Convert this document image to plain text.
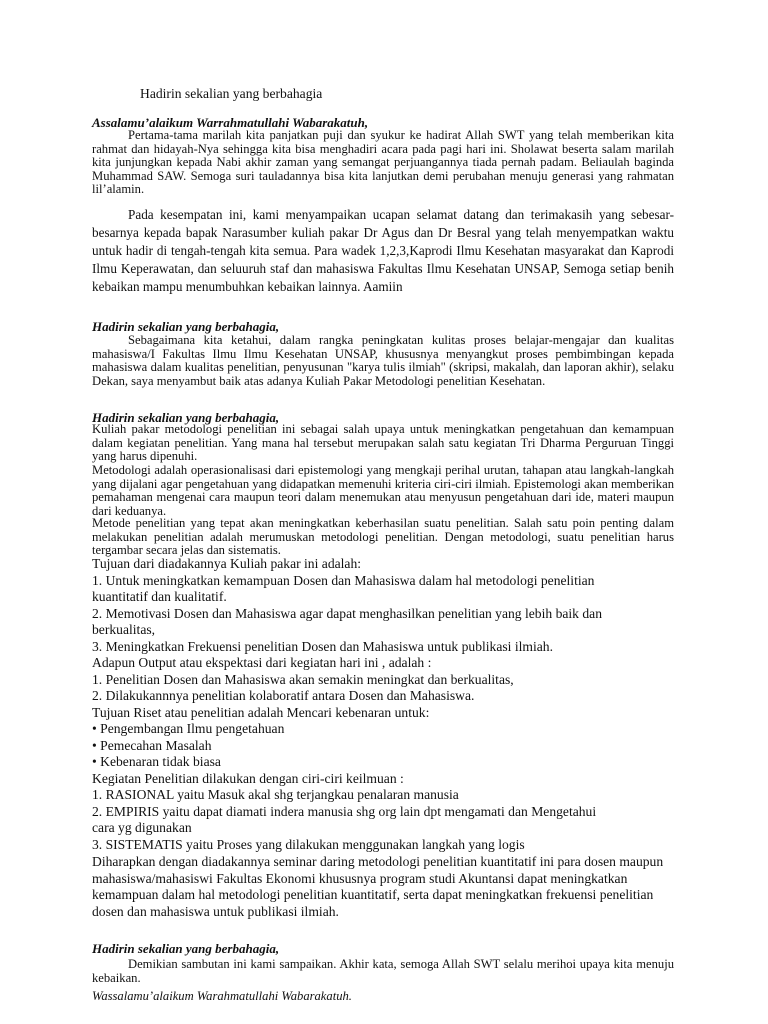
Hadirin sekalian yang berbahagia

Assalamu’alaikum Warrahmatullahi Wabarakatuh,

Pertama-tama marilah kita panjatkan puji dan syukur ke hadirat Allah SWT yang telah memberikan kita rahmat dan hidayah-Nya sehingga kita bisa menghadiri acara pada pagi hari ini. Sholawat beserta salam marilah kita junjungkan kepada Nabi akhir zaman yang semangat perjuangannya tiada pernah padam. Beliaulah baginda Muhammad SAW. Semoga suri tauladannya bisa kita lanjutkan demi perubahan menuju generasi yang rahmatan lil’alamin.

Pada kesempatan ini, kami menyampaikan ucapan selamat datang dan terimakasih yang sebesar-besarnya kepada bapak Narasumber kuliah pakar Dr Agus dan Dr Besral yang telah menyempatkan waktu untuk hadir di tengah-tengah kita semua. Para wadek 1,2,3,Kaprodi Ilmu Kesehatan masyarakat dan Kaprodi Ilmu Keperawatan, dan seluuruh staf dan mahasiswa Fakultas Ilmu Kesehatan UNSAP, Semoga setiap benih kebaikan mampu menumbuhkan kebaikan lainnya. Aamiin

Hadirin sekalian yang berbahagia,

Sebagaimana kita ketahui, dalam rangka peningkatan kulitas proses belajar-mengajar dan kualitas mahasiswa/I Fakultas Ilmu Ilmu Kesehatan UNSAP, khususnya menyangkut proses pembimbingan kepada mahasiswa dalam kualitas penelitian, penyusunan "karya tulis ilmiah" (skripsi, makalah, dan laporan akhir), selaku Dekan, saya menyambut baik atas adanya Kuliah Pakar Metodologi penelitian Kesehatan.

Hadirin sekalian yang berbahagia,

Kuliah pakar metodologi penelitian ini sebagai salah upaya untuk meningkatkan pengetahuan dan kemampuan dalam kegiatan penelitian. Yang mana hal tersebut merupakan salah satu kegiatan Tri Dharma Perguruan Tinggi yang harus dipenuhi.

Metodologi adalah operasionalisasi dari epistemologi yang mengkaji perihal urutan, tahapan atau langkah-langkah yang dijalani agar pengetahuan yang didapatkan memenuhi kriteria ciri-ciri ilmiah. Epistemologi akan memberikan pemahaman mengenai cara maupun teori dalam menemukan atau menyusun pengetahuan dari ide, materi maupun dari keduanya.

Metode penelitian yang tepat akan meningkatkan keberhasilan suatu penelitian. Salah satu poin penting dalam melakukan penelitian adalah merumuskan metodologi penelitian. Dengan metodologi, suatu penelitian harus tergambar secara jelas dan sistematis.

Tujuan dari diadakannya Kuliah pakar ini adalah:
1. Untuk meningkatkan kemampuan Dosen dan Mahasiswa dalam hal metodologi penelitian
kuantitatif dan kualitatif.
2. Memotivasi Dosen dan Mahasiswa agar dapat menghasilkan penelitian yang lebih baik dan
berkualitas,
3. Meningkatkan Frekuensi penelitian Dosen dan Mahasiswa untuk publikasi ilmiah.
Adapun Output atau ekspektasi dari kegiatan hari ini , adalah :
1. Penelitian Dosen dan Mahasiswa akan semakin meningkat dan berkualitas,
2. Dilakukannnya penelitian kolaboratif antara Dosen dan Mahasiswa.
Tujuan Riset atau penelitian adalah Mencari kebenaran untuk:
• Pengembangan Ilmu pengetahuan
• Pemecahan Masalah
• Kebenaran tidak biasa
Kegiatan Penelitian dilakukan dengan ciri-ciri keilmuan :
1. RASIONAL yaitu Masuk akal shg terjangkau penalaran manusia
2. EMPIRIS yaitu dapat diamati indera manusia shg org lain dpt mengamati dan Mengetahui
cara yg digunakan
3. SISTEMATIS yaitu Proses yang dilakukan menggunakan langkah yang logis

Diharapkan dengan diadakannya seminar daring metodologi penelitian kuantitatif ini para dosen maupun mahasiswa/mahasiswi Fakultas Ekonomi khususnya program studi Akuntansi dapat meningkatkan kemampuan dalam hal metodologi penelitian kuantitatif, serta dapat meningkatkan frekuensi penelitian dosen dan mahasiswa untuk publikasi ilmiah.

Hadirin sekalian yang berbahagia,

Demikian sambutan ini kami sampaikan. Akhir kata, semoga Allah SWT selalu merihoi upaya kita menuju kebaikan.

Wassalamu’alaikum Warahmatullahi Wabarakatuh.
